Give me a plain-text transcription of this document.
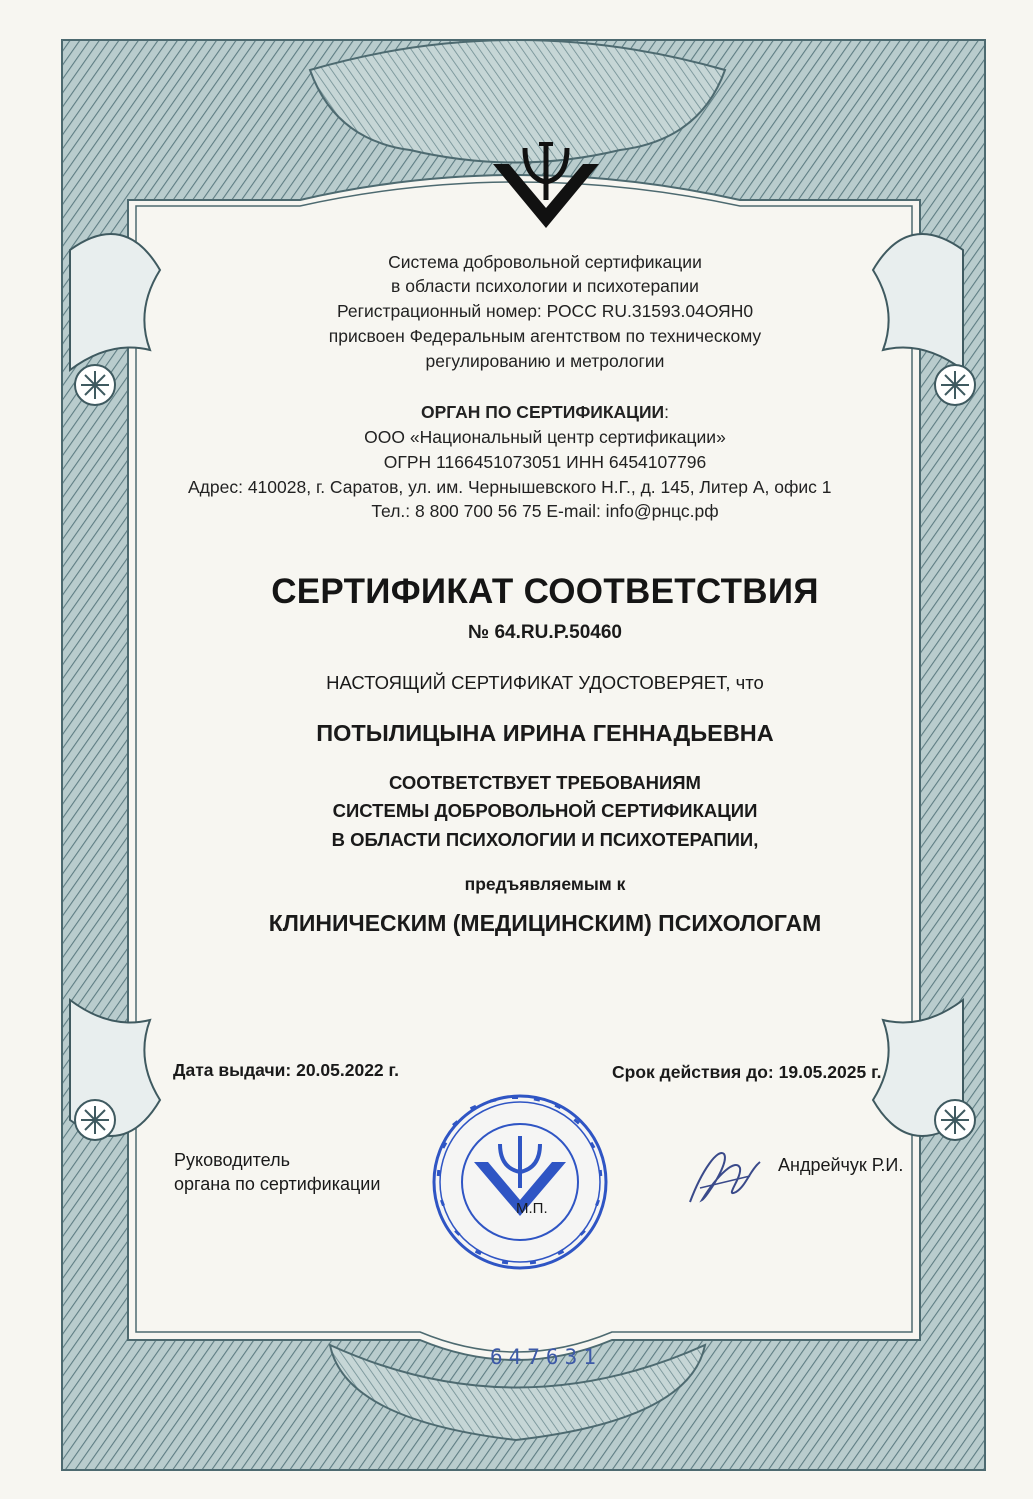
Система добровольной сертификации
в области психологии и психотерапии
Регистрационный номер: РОСС RU.31593.04ОЯН0
присвоен Федеральным агентством по техническому
регулированию и метрологии
ОРГАН ПО СЕРТИФИКАЦИИ:
ООО «Национальный центр сертификации»
ОГРН 1166451073051 ИНН 6454107796
Адрес: 410028, г. Саратов, ул. им. Чернышевского Н.Г., д. 145, Литер А, офис 1
Тел.: 8 800 700 56 75 E-mail: info@рнцс.рф
СЕРТИФИКАТ СООТВЕТСТВИЯ
№ 64.RU.P.50460
НАСТОЯЩИЙ СЕРТИФИКАТ УДОСТОВЕРЯЕТ, что
ПОТЫЛИЦЫНА ИРИНА ГЕННАДЬЕВНА
СООТВЕТСТВУЕТ ТРЕБОВАНИЯМ
СИСТЕМЫ ДОБРОВОЛЬНОЙ СЕРТИФИКАЦИИ
В ОБЛАСТИ ПСИХОЛОГИИ И ПСИХОТЕРАПИИ,
предъявляемым к
КЛИНИЧЕСКИМ (МЕДИЦИНСКИМ) ПСИХОЛОГАМ
Дата выдачи: 20.05.2022 г.	Срок действия до: 19.05.2025 г.
Руководитель
органа по сертификации
Андрейчук Р.И.
М.П.
647631
